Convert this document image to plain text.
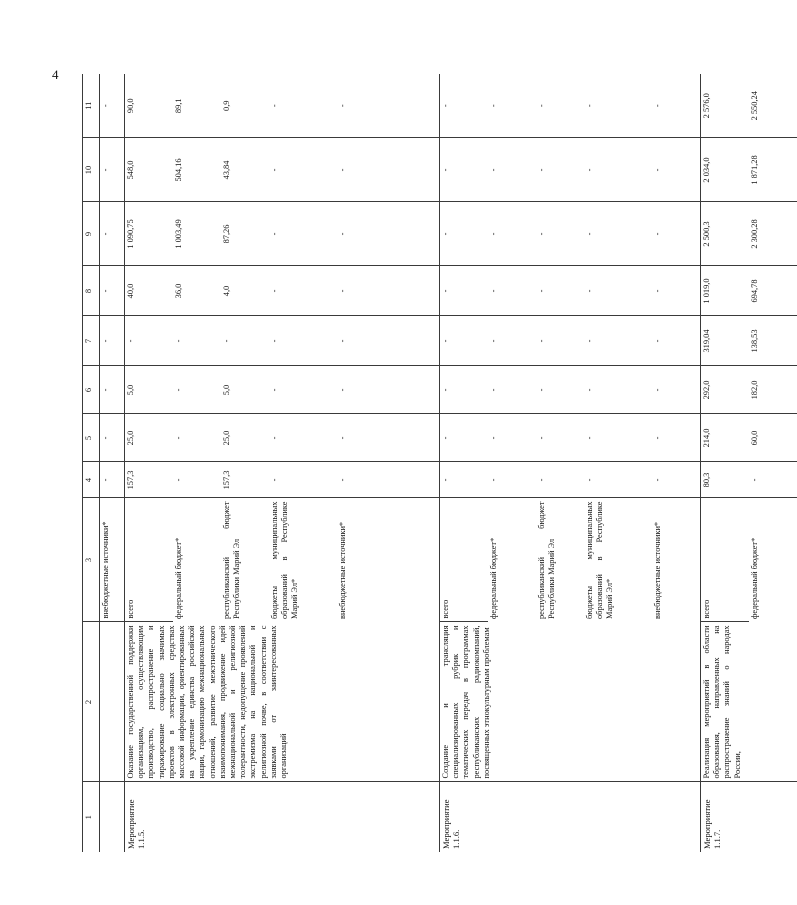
4
1	2	3	4	5	6	7	8	9	10	11
		внебюджетные источники*	-	-	-	-	-	-	-	-
Мероприятие 1.1.5.	Оказание государственной поддержки организациям, осуществляющим производство, распространение и тиражирование социально значимых проектов в электронных средствах массовой информации, ориентированных на укрепление единства российской нации, гармонизацию межнациональных отношений, развитие межэтнического взаимопонимания, продвижение идей межнациональной и религиозной толерантности, недопущение проявлений экстремизма на национальной и религиозной почве, в соответствии с заявками от заинтересованных организаций	всего	157,3	25,0	5,0	-	40,0	1 090,75	548,0	90,0
		федеральный бюджет*	-	-	-	-	36,0	1 003,49	504,16	89,1
		республиканский бюджет Республики Марий Эл	157,3	25,0	5,0	-	4,0	87,26	43,84	0,9
		бюджеты муниципальных образований в Республике Марий Эл*	-	-	-	-	-	-	-	-
		внебюджетные источники*	-	-	-	-	-	-	-	-
Мероприятие 1.1.6.	Создание и трансляция специализированных рубрик и тематических передач в программах республиканских радиокомпаний, посвященных этнокультурным проблемам	всего	-	-	-	-	-	-	-	-
		федеральный бюджет*	-	-	-	-	-	-	-	-
		республиканский бюджет Республики Марий Эл	-	-	-	-	-	-	-	-
		бюджеты муниципальных образований в Республике Марий Эл*	-	-	-	-	-	-	-	-
		внебюджетные источники*	-	-	-	-	-	-	-	-
Мероприятие 1.1.7.	Реализация мероприятий в области образования, направленных на распространение знаний о народах России,	всего	80,3	214,0	292,0	319,04	1 019,0	2 500,3	2 034,0	2 576,0
		федеральный бюджет*	-	60,0	182,0	138,53	694,78	2 300,28	1 871,28	2 550,24
